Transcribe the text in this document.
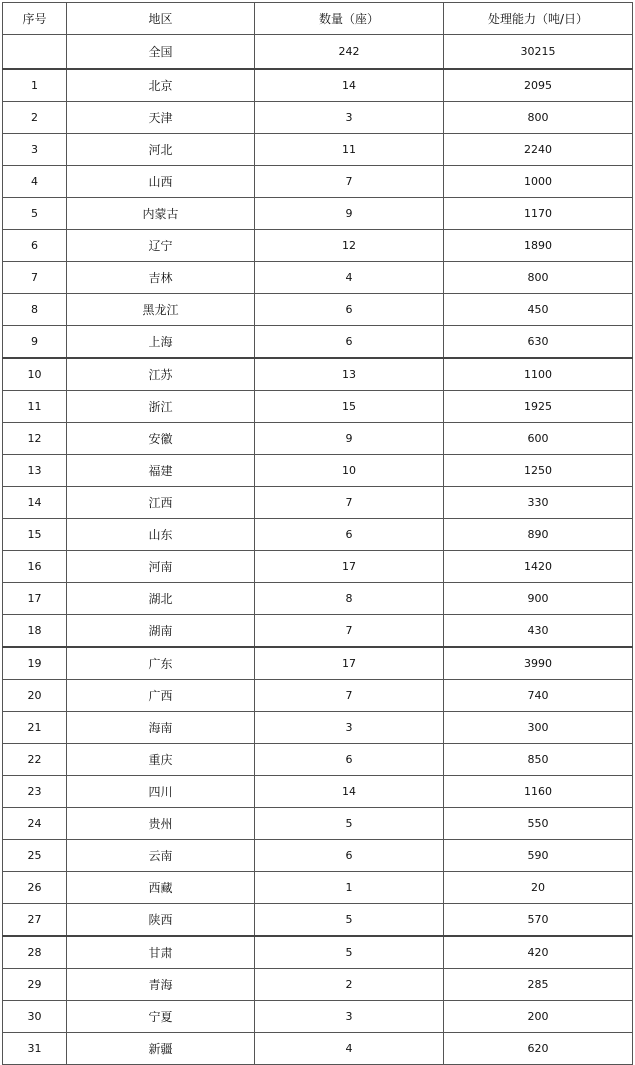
序号	地区	数量（座）	处理能力（吨/日）
	全国	242	30215
1	北京	14	2095
2	天津	3	800
3	河北	11	2240
4	山西	7	1000
5	内蒙古	9	1170
6	辽宁	12	1890
7	吉林	4	800
8	黑龙江	6	450
9	上海	6	630
10	江苏	13	1100
11	浙江	15	1925
12	安徽	9	600
13	福建	10	1250
14	江西	7	330
15	山东	6	890
16	河南	17	1420
17	湖北	8	900
18	湖南	7	430
19	广东	17	3990
20	广西	7	740
21	海南	3	300
22	重庆	6	850
23	四川	14	1160
24	贵州	5	550
25	云南	6	590
26	西藏	1	20
27	陕西	5	570
28	甘肃	5	420
29	青海	2	285
30	宁夏	3	200
31	新疆	4	620
